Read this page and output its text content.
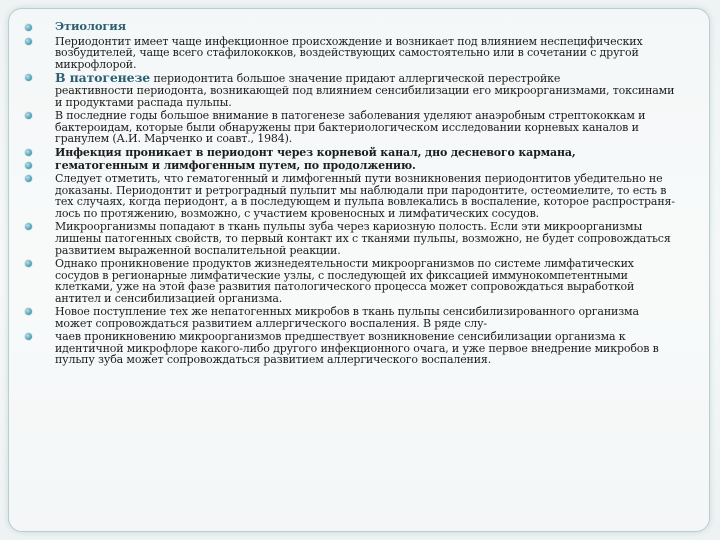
Этиология
Периодонтит имеет чаще инфекционное происхождение и возникает под влиянием неспецифических возбудителей, чаще всего стафилококков, воздействующих самостоятельно или в сочетании с другой микрофлорой.
В патогенезе периодонтита большое значение придают аллергической перестройке
реактивности периодонта, возникающей под влиянием сенсибилизации его микроорганизмами, токсинами и продуктами распада пульпы.
В последние годы большое внимание в патогенезе заболевания уделяют анаэробным стрептококкам и бактероидам, которые были обнаружены при бактериологическом исследовании корневых каналов и гранулем (А.И. Марченко и соавт., 1984).
Инфекция проникает в периодонт через корневой канал, дно десневого кармана,
гематогенным и лимфогенным путем, по продолжению.
Следует отметить, что гематогенный и лимфогенный пути возникновения периодонтитов убедительно не доказаны. Периодонтит и ретроградный пульпит мы наблюдали при пародонтите, остеомиелите, то есть в тех случаях, когда периодонт, а в последующем и пульпа вовлекались в воспаление, которое распространя-лось по протяжению, возможно, с участием кровеносных и лимфатических сосудов.
Микроорганизмы попадают в ткань пульпы зуба через кариозную полость. Если эти микроорганизмы лишены патогенных свойств, то первый контакт их с тканями пульпы, возможно, не будет сопровождаться развитием выраженной воспалительной реакции.
Однако проникновение продуктов жизнедеятельности микроорганизмов по системе лимфатических сосудов в регионарные лимфатические узлы, с последующей их фиксацией иммунокомпетентными клетками, уже на этой фазе развития патологического процесса может сопровождаться выработкой антител и сенсибилизацией организма.
Новое поступление тех же непатогенных микробов в ткань пульпы сенсибилизированного организма может сопровождаться развитием аллергического воспаления. В ряде слу-
чаев проникновению микроорганизмов предшествует возникновение сенсибилизации организма к идентичной микрофлоре какого-либо другого инфекционного очага, и уже первое внедрение микробов в пульпу зуба может сопровождаться развитием аллергического воспаления.
